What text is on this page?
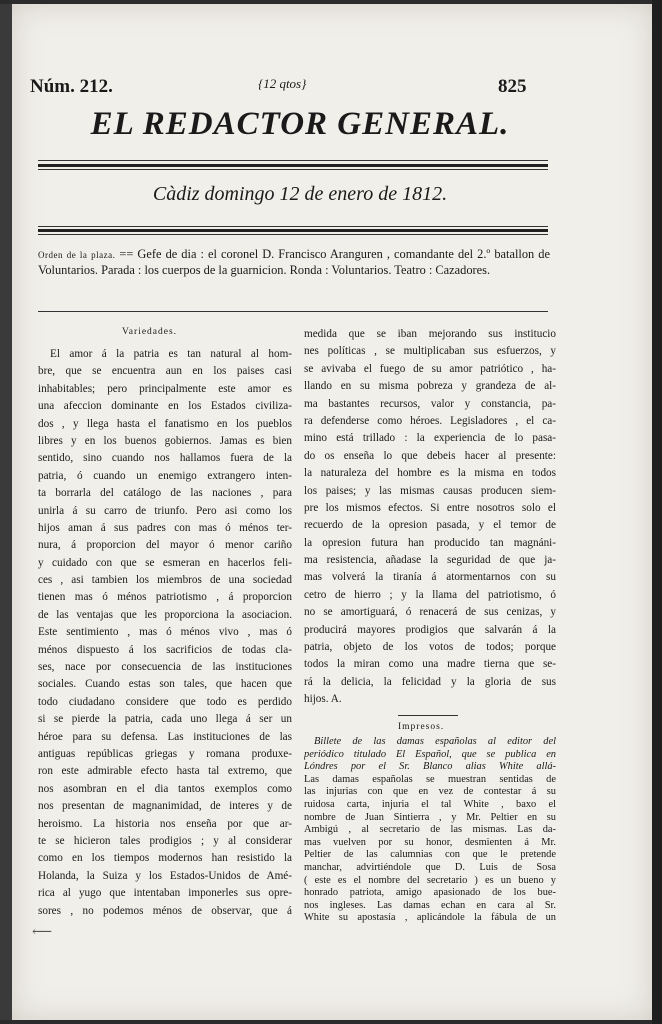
Núm. 212.	{12 qtos}	825
EL REDACTOR GENERAL.
Càdiz domingo 12 de enero de 1812.
Orden de la plaza. == Gefe de dia : el coronel D. Francisco Aranguren , comandante del 2.º batallon de Voluntarios. Parada : los cuerpos de la guarnicion. Ronda : Voluntarios. Teatro : Cazadores.
Variedades.
El amor á la patria es tan natural al hom-
bre, que se encuentra aun en los paises casi
inhabitables; pero principalmente este amor es
una afeccion dominante en los Estados civiliza-
dos , y llega hasta el fanatismo en los pueblos
libres y en los buenos gobiernos. Jamas es bien
sentido, sino cuando nos hallamos fuera de la
patria, ó cuando un enemigo extrangero inten-
ta borrarla del catálogo de las naciones , para
unirla á su carro de triunfo. Pero asi como los
hijos aman á sus padres con mas ó ménos ter-
nura, á proporcion del mayor ó menor cariño
y cuidado con que se esmeran en hacerlos feli-
ces , asi tambien los miembros de una sociedad
tienen mas ó ménos patriotismo , á proporcion
de las ventajas que les proporciona la asociacion.
Este sentimiento , mas ó ménos vivo , mas ó
ménos dispuesto á los sacrificios de todas cla-
ses, nace por consecuencia de las instituciones
sociales. Cuando estas son tales, que hacen que
todo ciudadano considere que todo es perdido
si se pierde la patria, cada uno llega á ser un
héroe para su defensa. Las instituciones de las
antiguas repúblicas griegas y romana produxe-
ron este admirable efecto hasta tal extremo, que
nos asombran en el dia tantos exemplos como
nos presentan de magnanimidad, de interes y de
heroismo. La historia nos enseña por que ar-
te se hicieron tales prodigios ; y al considerar
como en los tiempos modernos han resistido la
Holanda, la Suiza y los Estados-Unidos de Amé-
rica al yugo que intentaban imponerles sus opre-
sores , no podemos ménos de observar, que á
medida que se iban mejorando sus institucio
nes políticas , se multiplicaban sus esfuerzos, y
se avivaba el fuego de su amor patriótico , ha-
llando en su misma pobreza y grandeza de al-
ma bastantes recursos, valor y constancia, pa-
ra defenderse como héroes. Legisladores , el ca-
mino está trillado : la experiencia de lo pasa-
do os enseña lo que debeis hacer al presente:
la naturaleza del hombre es la misma en todos
los paises; y las mismas causas producen siem-
pre los mismos efectos. Si entre nosotros solo el
recuerdo de la opresion pasada, y el temor de
la opresion futura han producido tan magnáni-
ma resistencia, añadase la seguridad de que ja-
mas volverá la tiranía á atormentarnos con su
cetro de hierro ; y la llama del patriotismo, ó
no se amortiguará, ó renacerá de sus cenizas, y
producirá mayores prodigios que salvarán á la
patria, objeto de los votos de todos; porque
todos la miran como una madre tierna que se-
rá la delicia, la felicidad y la gloria de sus
hijos. A.
Impresos.
Billete de las damas españolas al editor del
periódico titulado El Español, que se publica en
Lóndres por el Sr. Blanco alias White allá-
Las damas españolas se muestran sentidas de
las injurias con que en vez de contestar á su
ruidosa carta, injuria el tal White , baxo el
nombre de Juan Sintierra , y Mr. Peltier en su
Ambigú , al secretario de las mismas. Las da-
mas vuelven por su honor, desmienten á Mr.
Peltier de las calumnias con que le pretende
manchar, advirtiéndole que D. Luis de Sosa
( este es el nombre del secretario ) es un bueno y
honrado patriota, amigo apasionado de los bue-
nos ingleses. Las damas echan en cara al Sr.
White su apostasía , aplicándole la fábula de un
⟵
